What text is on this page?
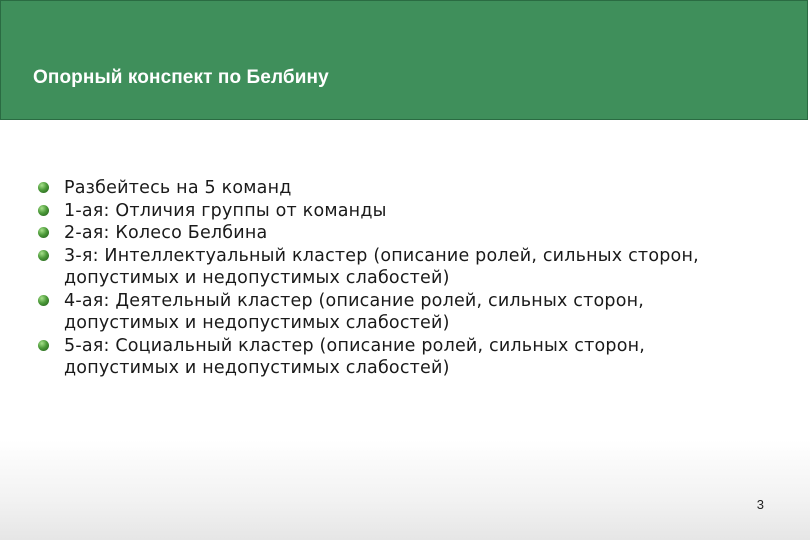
Опорный конспект по Белбину
Разбейтесь на 5 команд
1-ая: Отличия группы от команды
2-ая: Колесо Белбина
3-я: Интеллектуальный кластер (описание ролей, сильных сторон, допустимых и недопустимых слабостей)
4-ая: Деятельный кластер (описание ролей, сильных сторон, допустимых и недопустимых слабостей)
5-ая: Социальный кластер (описание ролей, сильных сторон, допустимых и недопустимых слабостей)
3
